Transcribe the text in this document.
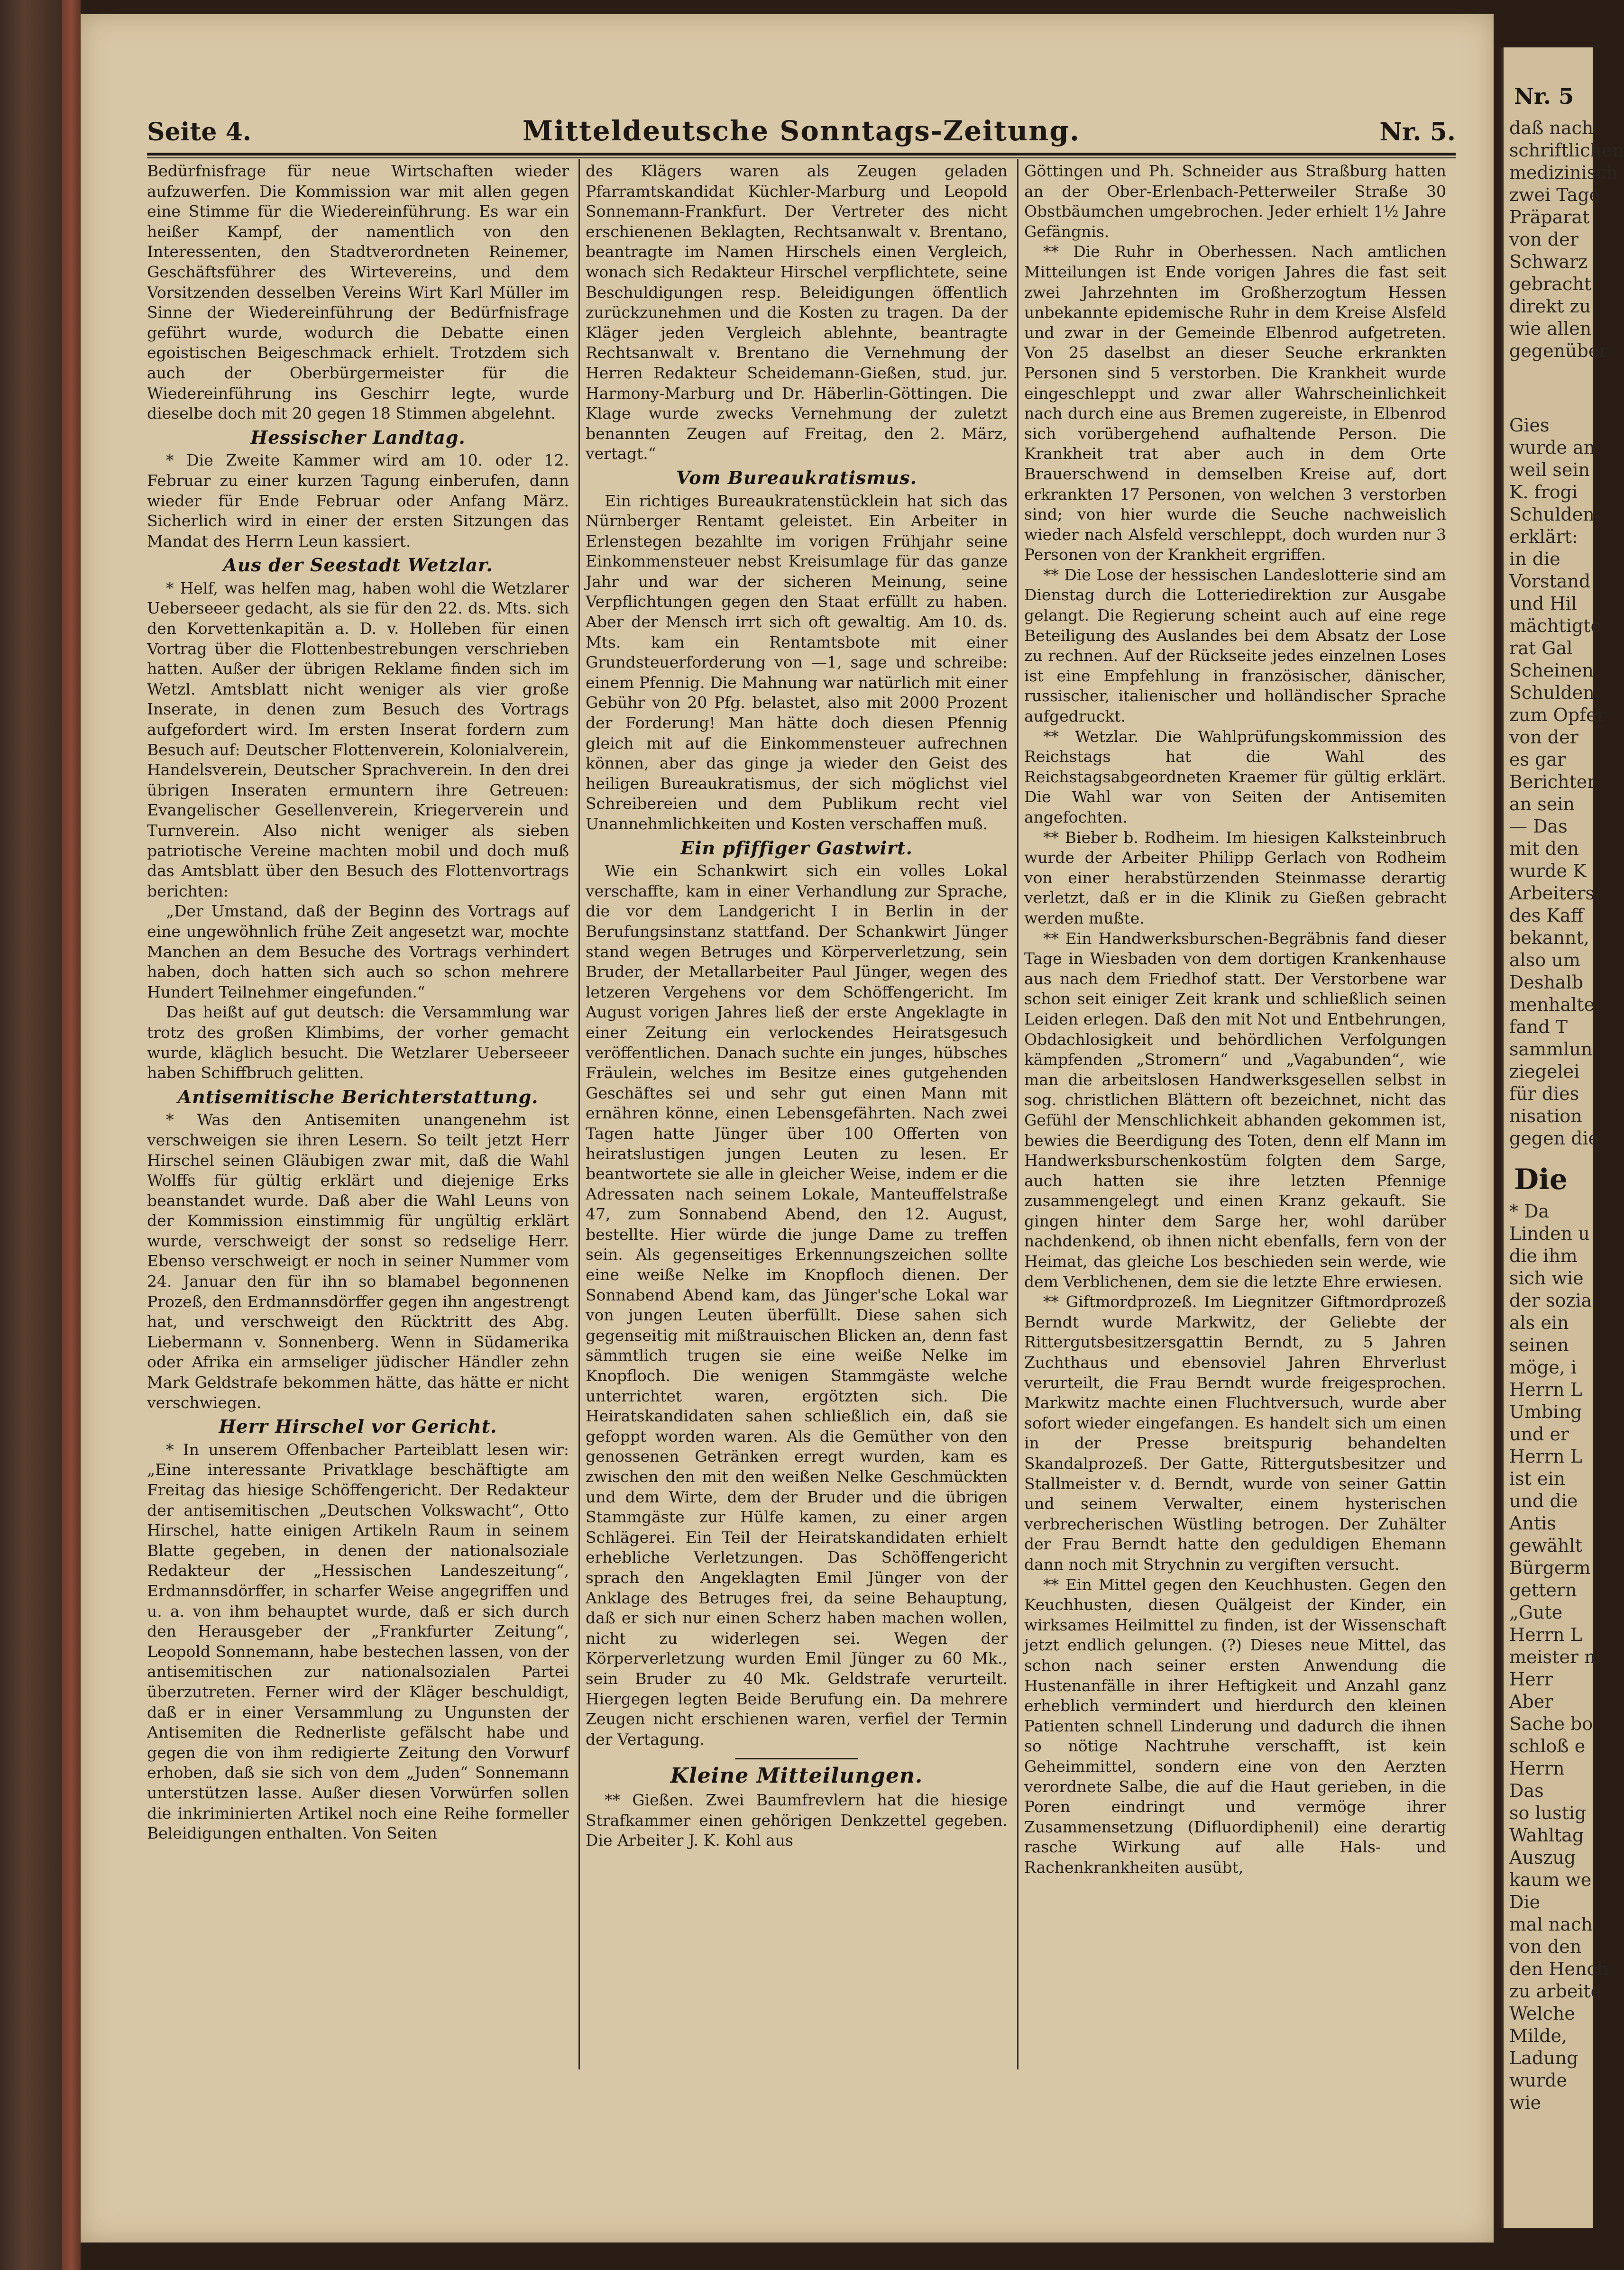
Seite 4.	Mitteldeutsche Sonntags-Zeitung.	Nr. 5.

Bedürfnisfrage für neue Wirtschaften wieder aufzuwerfen. Die Kommission war mit allen gegen eine Stimme für die Wiedereinführung. Es war ein heißer Kampf, der namentlich von den Interessenten, den Stadtverordneten Reinemer, Geschäftsführer des Wirtevereins, und dem Vorsitzenden desselben Vereins Wirt Karl Müller im Sinne der Wiedereinführung der Bedürfnisfrage geführt wurde, wodurch die Debatte einen egoistischen Beigeschmack erhielt. Trotzdem sich auch der Oberbürgermeister für die Wiedereinführung ins Geschirr legte, wurde dieselbe doch mit 20 gegen 18 Stimmen abgelehnt.

Hessischer Landtag.

* Die Zweite Kammer wird am 10. oder 12. Februar zu einer kurzen Tagung einberufen, dann wieder für Ende Februar oder Anfang März. Sicherlich wird in einer der ersten Sitzungen das Mandat des Herrn Leun kassiert.

Aus der Seestadt Wetzlar.

* Helf, was helfen mag, haben wohl die Wetzlarer Ueberseeer gedacht, als sie für den 22. ds. Mts. sich den Korvettenkapitän a. D. v. Holleben für einen Vortrag über die Flottenbestrebungen verschrieben hatten. Außer der übrigen Reklame finden sich im Wetzl. Amtsblatt nicht weniger als vier große Inserate, in denen zum Besuch des Vortrags aufgefordert wird. Im ersten Inserat fordern zum Besuch auf: Deutscher Flottenverein, Kolonialverein, Handelsverein, Deutscher Sprachverein. In den drei übrigen Inseraten ermuntern ihre Getreuen: Evangelischer Gesellenverein, Kriegerverein und Turnverein. Also nicht weniger als sieben patriotische Vereine machten mobil und doch muß das Amtsblatt über den Besuch des Flottenvortrags berichten:

„Der Umstand, daß der Beginn des Vortrags auf eine ungewöhnlich frühe Zeit angesetzt war, mochte Manchen an dem Besuche des Vortrags verhindert haben, doch hatten sich auch so schon mehrere Hundert Teilnehmer eingefunden.“

Das heißt auf gut deutsch: die Versammlung war trotz des großen Klimbims, der vorher gemacht wurde, kläglich besucht. Die Wetzlarer Ueberseeer haben Schiffbruch gelitten.

Antisemitische Berichterstattung.

* Was den Antisemiten unangenehm ist verschweigen sie ihren Lesern. So teilt jetzt Herr Hirschel seinen Gläubigen zwar mit, daß die Wahl Wolffs für gültig erklärt und diejenige Erks beanstandet wurde. Daß aber die Wahl Leuns von der Kommission einstimmig für ungültig erklärt wurde, verschweigt der sonst so redselige Herr. Ebenso verschweigt er noch in seiner Nummer vom 24. Januar den für ihn so blamabel begonnenen Prozeß, den Erdmannsdörffer gegen ihn angestrengt hat, und verschweigt den Rücktritt des Abg. Liebermann v. Sonnenberg. Wenn in Südamerika oder Afrika ein armseliger jüdischer Händler zehn Mark Geldstrafe bekommen hätte, das hätte er nicht verschwiegen.

Herr Hirschel vor Gericht.

* In unserem Offenbacher Parteiblatt lesen wir: „Eine interessante Privatklage beschäftigte am Freitag das hiesige Schöffengericht. Der Redakteur der antisemitischen „Deutschen Volkswacht“, Otto Hirschel, hatte einigen Artikeln Raum in seinem Blatte gegeben, in denen der nationalsoziale Redakteur der „Hessischen Landeszeitung“, Erdmannsdörffer, in scharfer Weise angegriffen und u. a. von ihm behauptet wurde, daß er sich durch den Herausgeber der „Frankfurter Zeitung“, Leopold Sonnemann, habe bestechen lassen, von der antisemitischen zur nationalsozialen Partei überzutreten. Ferner wird der Kläger beschuldigt, daß er in einer Versammlung zu Ungunsten der Antisemiten die Rednerliste gefälscht habe und gegen die von ihm redigierte Zeitung den Vorwurf erhoben, daß sie sich von dem „Juden“ Sonnemann unterstützen lasse. Außer diesen Vorwürfen sollen die inkriminierten Artikel noch eine Reihe formeller Beleidigungen enthalten. Von Seiten

des Klägers waren als Zeugen geladen Pfarramtskandidat Küchler-Marburg und Leopold Sonnemann-Frankfurt. Der Vertreter des nicht erschienenen Beklagten, Rechtsanwalt v. Brentano, beantragte im Namen Hirschels einen Vergleich, wonach sich Redakteur Hirschel verpflichtete, seine Beschuldigungen resp. Beleidigungen öffentlich zurückzunehmen und die Kosten zu tragen. Da der Kläger jeden Vergleich ablehnte, beantragte Rechtsanwalt v. Brentano die Vernehmung der Herren Redakteur Scheidemann-Gießen, stud. jur. Harmony-Marburg und Dr. Häberlin-Göttingen. Die Klage wurde zwecks Vernehmung der zuletzt benannten Zeugen auf Freitag, den 2. März, vertagt.“

Vom Bureaukratismus.

Ein richtiges Bureaukratenstücklein hat sich das Nürnberger Rentamt geleistet. Ein Arbeiter in Erlenstegen bezahlte im vorigen Frühjahr seine Einkommensteuer nebst Kreisumlage für das ganze Jahr und war der sicheren Meinung, seine Verpflichtungen gegen den Staat erfüllt zu haben. Aber der Mensch irrt sich oft gewaltig. Am 10. ds. Mts. kam ein Rentamtsbote mit einer Grundsteuerforderung von —1, sage und schreibe: einem Pfennig. Die Mahnung war natürlich mit einer Gebühr von 20 Pfg. belastet, also mit 2000 Prozent der Forderung! Man hätte doch diesen Pfennig gleich mit auf die Einkommensteuer aufrechnen können, aber das ginge ja wieder den Geist des heiligen Bureaukratismus, der sich möglichst viel Schreibereien und dem Publikum recht viel Unannehmlichkeiten und Kosten verschaffen muß.

Ein pfiffiger Gastwirt.

Wie ein Schankwirt sich ein volles Lokal verschaffte, kam in einer Verhandlung zur Sprache, die vor dem Landgericht I in Berlin in der Berufungsinstanz stattfand. Der Schankwirt Jünger stand wegen Betruges und Körperverletzung, sein Bruder, der Metallarbeiter Paul Jünger, wegen des letzeren Vergehens vor dem Schöffengericht. Im August vorigen Jahres ließ der erste Angeklagte in einer Zeitung ein verlockendes Heiratsgesuch veröffentlichen. Danach suchte ein junges, hübsches Fräulein, welches im Besitze eines gutgehenden Geschäftes sei und sehr gut einen Mann mit ernähren könne, einen Lebensgefährten. Nach zwei Tagen hatte Jünger über 100 Offerten von heiratslustigen jungen Leuten zu lesen. Er beantwortete sie alle in gleicher Weise, indem er die Adressaten nach seinem Lokale, Manteuffelstraße 47, zum Sonnabend Abend, den 12. August, bestellte. Hier würde die junge Dame zu treffen sein. Als gegenseitiges Erkennungszeichen sollte eine weiße Nelke im Knopfloch dienen. Der Sonnabend Abend kam, das Jünger'sche Lokal war von jungen Leuten überfüllt. Diese sahen sich gegenseitig mit mißtrauischen Blicken an, denn fast sämmtlich trugen sie eine weiße Nelke im Knopfloch. Die wenigen Stammgäste welche unterrichtet waren, ergötzten sich. Die Heiratskandidaten sahen schließlich ein, daß sie gefoppt worden waren. Als die Gemüther von den genossenen Getränken erregt wurden, kam es zwischen den mit den weißen Nelke Geschmückten und dem Wirte, dem der Bruder und die übrigen Stammgäste zur Hülfe kamen, zu einer argen Schlägerei. Ein Teil der Heiratskandidaten erhielt erhebliche Verletzungen. Das Schöffengericht sprach den Angeklagten Emil Jünger von der Anklage des Betruges frei, da seine Behauptung, daß er sich nur einen Scherz haben machen wollen, nicht zu widerlegen sei. Wegen der Körperverletzung wurden Emil Jünger zu 60 Mk., sein Bruder zu 40 Mk. Geldstrafe verurteilt. Hiergegen legten Beide Berufung ein. Da mehrere Zeugen nicht erschienen waren, verfiel der Termin der Vertagung.

Kleine Mitteilungen.

** Gießen. Zwei Baumfrevlern hat die hiesige Strafkammer einen gehörigen Denkzettel gegeben. Die Arbeiter J. K. Kohl aus

Göttingen und Ph. Schneider aus Straßburg hatten an der Ober-Erlenbach-Petterweiler Straße 30 Obstbäumchen umgebrochen. Jeder erhielt 1½ Jahre Gefängnis.

** Die Ruhr in Oberhessen. Nach amtlichen Mitteilungen ist Ende vorigen Jahres die fast seit zwei Jahrzehnten im Großherzogtum Hessen unbekannte epidemische Ruhr in dem Kreise Alsfeld und zwar in der Gemeinde Elbenrod aufgetreten. Von 25 daselbst an dieser Seuche erkrankten Personen sind 5 verstorben. Die Krankheit wurde eingeschleppt und zwar aller Wahrscheinlichkeit nach durch eine aus Bremen zugereiste, in Elbenrod sich vorübergehend aufhaltende Person. Die Krankheit trat aber auch in dem Orte Brauerschwend in demselben Kreise auf, dort erkrankten 17 Personen, von welchen 3 verstorben sind; von hier wurde die Seuche nachweislich wieder nach Alsfeld verschleppt, doch wurden nur 3 Personen von der Krankheit ergriffen.

** Die Lose der hessischen Landeslotterie sind am Dienstag durch die Lotteriedirektion zur Ausgabe gelangt. Die Regierung scheint auch auf eine rege Beteiligung des Auslandes bei dem Absatz der Lose zu rechnen. Auf der Rückseite jedes einzelnen Loses ist eine Empfehlung in französischer, dänischer, russischer, italienischer und holländischer Sprache aufgedruckt.

** Wetzlar. Die Wahlprüfungskommission des Reichstags hat die Wahl des Reichstagsabgeordneten Kraemer für gültig erklärt. Die Wahl war von Seiten der Antisemiten angefochten.

** Bieber b. Rodheim. Im hiesigen Kalksteinbruch wurde der Arbeiter Philipp Gerlach von Rodheim von einer herabstürzenden Steinmasse derartig verletzt, daß er in die Klinik zu Gießen gebracht werden mußte.

** Ein Handwerksburschen-Begräbnis fand dieser Tage in Wiesbaden von dem dortigen Krankenhause aus nach dem Friedhof statt. Der Verstorbene war schon seit einiger Zeit krank und schließlich seinen Leiden erlegen. Daß den mit Not und Entbehrungen, Obdachlosigkeit und behördlichen Verfolgungen kämpfenden „Stromern“ und „Vagabunden“, wie man die arbeitslosen Handwerksgesellen selbst in sog. christlichen Blättern oft bezeichnet, nicht das Gefühl der Menschlichkeit abhanden gekommen ist, bewies die Beerdigung des Toten, denn elf Mann im Handwerksburschenkostüm folgten dem Sarge, auch hatten sie ihre letzten Pfennige zusammengelegt und einen Kranz gekauft. Sie gingen hinter dem Sarge her, wohl darüber nachdenkend, ob ihnen nicht ebenfalls, fern von der Heimat, das gleiche Los beschieden sein werde, wie dem Verblichenen, dem sie die letzte Ehre erwiesen.

** Giftmordprozeß. Im Liegnitzer Giftmordprozeß Berndt wurde Markwitz, der Geliebte der Rittergutsbesitzersgattin Berndt, zu 5 Jahren Zuchthaus und ebensoviel Jahren Ehrverlust verurteilt, die Frau Berndt wurde freigesprochen. Markwitz machte einen Fluchtversuch, wurde aber sofort wieder eingefangen. Es handelt sich um einen in der Presse breitspurig behandelten Skandalprozeß. Der Gatte, Rittergutsbesitzer und Stallmeister v. d. Berndt, wurde von seiner Gattin und seinem Verwalter, einem hysterischen verbrecherischen Wüstling betrogen. Der Zuhälter der Frau Berndt hatte den geduldigen Ehemann dann noch mit Strychnin zu vergiften versucht.

** Ein Mittel gegen den Keuchhusten. Gegen den Keuchhusten, diesen Quälgeist der Kinder, ein wirksames Heilmittel zu finden, ist der Wissenschaft jetzt endlich gelungen. (?) Dieses neue Mittel, das schon nach seiner ersten Anwendung die Hustenanfälle in ihrer Heftigkeit und Anzahl ganz erheblich vermindert und hierdurch den kleinen Patienten schnell Linderung und dadurch die ihnen so nötige Nachtruhe verschafft, ist kein Geheimmittel, sondern eine von den Aerzten verordnete Salbe, die auf die Haut gerieben, in die Poren eindringt und vermöge ihrer Zusammensetzung (Difluordiphenil) eine derartig rasche Wirkung auf alle Hals- und Rachenkrankheiten ausübt,

Nr. 5

daß nach

schriftlichen

medizinisch

zwei Tage

Präparat

von der

Schwarz

gebracht

direkt zu

wie allen

gegenüber

Gies

wurde an

weil sein

K. frogi

Schulden

erklärt:

in die

Vorstand

und Hil

mächtigte

rat Gal

Scheinen

Schulden

zum Opfer

von der

es gar

Berichter

an sein

— Das

mit den

wurde K

Arbeiters

des Kaff

bekannt,

also um

Deshalb

menhalte

fand T

sammlun

ziegelei

für dies

nisation

gegen die

Die

* Da

Linden u

die ihm

sich wie

der sozia

als ein

seinen

möge, i

Herrn L

Umbing

und er

Herrn L

ist ein

und die

Antis

gewählt

Bürgerm

gettern

„Gute

Herrn L

meister n

Herr

Aber

Sache bo

schloß e

Herrn

Das

so lustig

Wahltag

Auszug

kaum we

Die

mal nach

von den

den Hench

zu arbeite

Welche

Milde,

Ladung

wurde

wie
